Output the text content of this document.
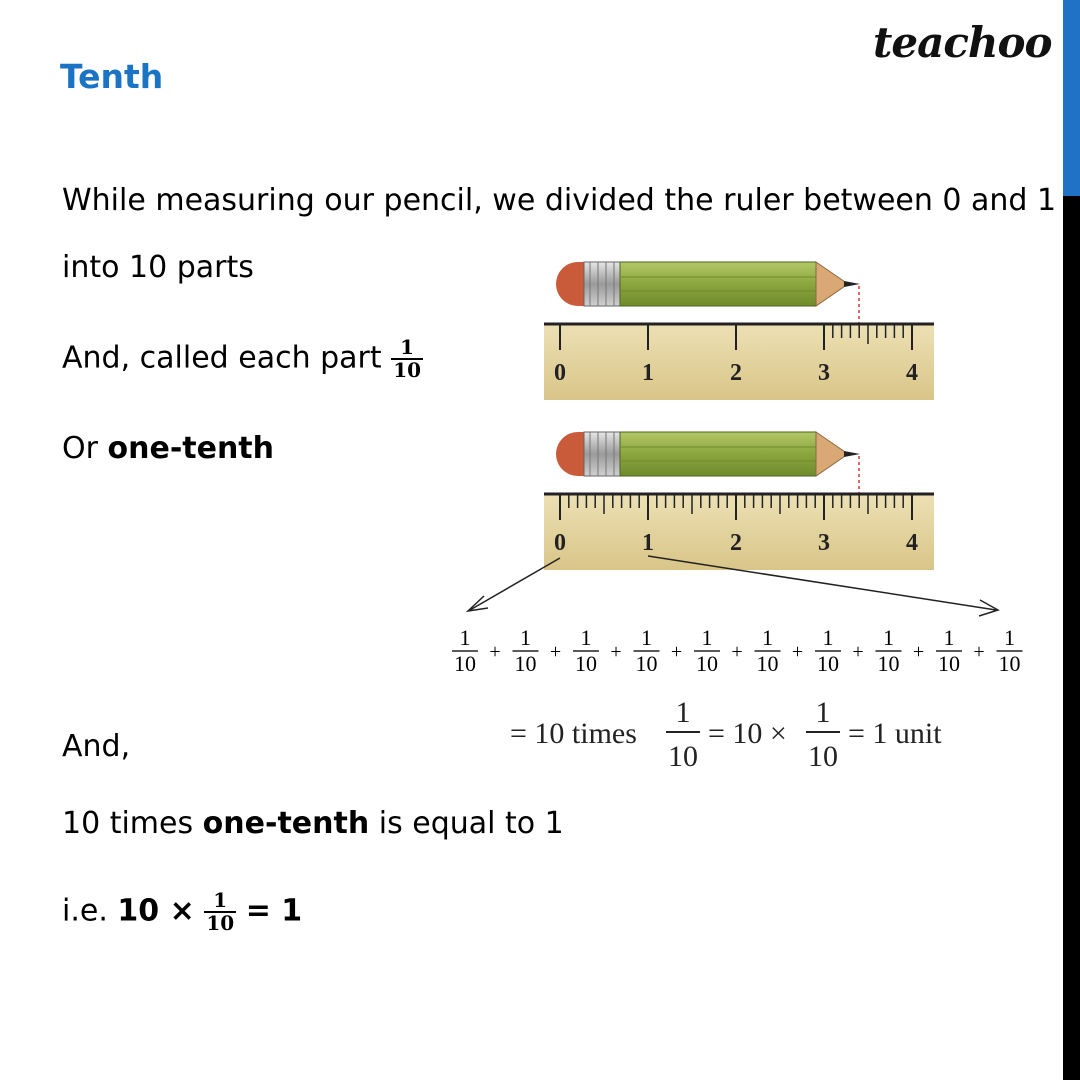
teachoo
Tenth
While measuring our pencil, we divided the ruler between 0 and 1
into 10 parts
And, called each part $\frac{1}{10}$
Or one-tenth
And,
10 times one-tenth is equal to 1
i.e. $10 \times \frac{1}{10} = 1$
0	1	2	3	4
0	1	2	3	4
1
10 +
1
10 +
1
10 +
1
10 +
1
10 +
1
10 +
1
10 +
1
10 +
1
10 +
1
10
= 10 times
1
10
= 10 ×
1
10
= 1 unit
